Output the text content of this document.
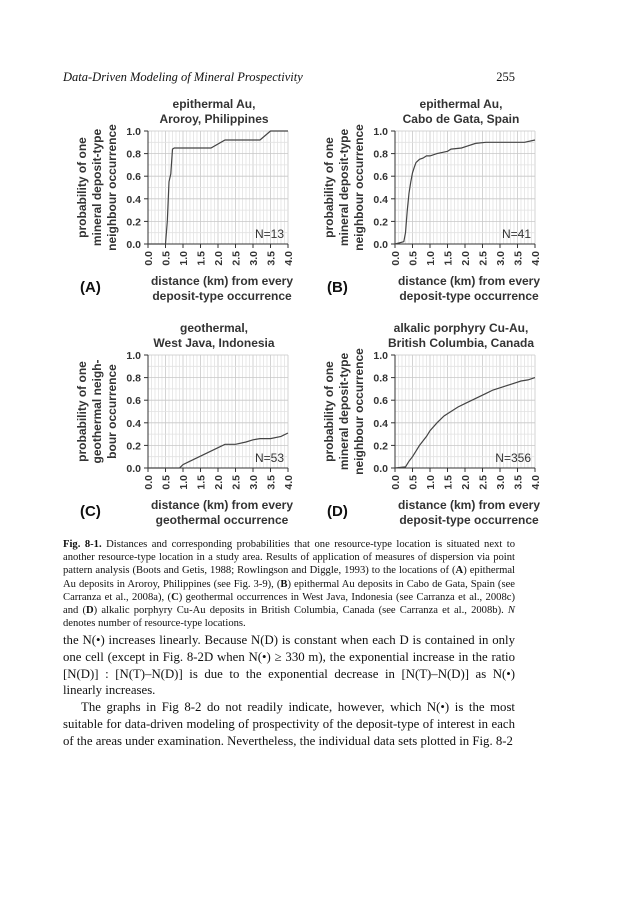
Data-Driven Modeling of Mineral Prospectivity	255
epithermal Au,
Aroroy, Philippines
0.0
0.2
0.4
0.6
0.8
1.0
0.0 0.5 1.0 1.5 2.0 2.5 3.0 3.5 4.0
probability of one mineral deposit-type neighbour occurrence
distance (km) from every
deposit-type occurrence
(A)
N=13
epithermal Au,
Cabo de Gata, Spain
0.0
0.2
0.4
0.6
0.8
1.0
0.0 0.5 1.0 1.5 2.0 2.5 3.0 3.5 4.0
probability of one mineral deposit-type neighbour occurrence
distance (km) from every
deposit-type occurrence
(B)
N=41
geothermal,
West Java, Indonesia
0.0
0.2
0.4
0.6
0.8
1.0
0.0 0.5 1.0 1.5 2.0 2.5 3.0 3.5 4.0
probability of one geothermal neigh- bour occurrence
distance (km) from every
geothermal occurrence
(C)
N=53
alkalic porphyry Cu-Au,
British Columbia, Canada
0.0
0.2
0.4
0.6
0.8
1.0
0.0 0.5 1.0 1.5 2.0 2.5 3.0 3.5 4.0
probability of one mineral deposit-type neighbour occurrence
distance (km) from every
deposit-type occurrence
(D)
N=356
Fig. 8-1. Distances and corresponding probabilities that one resource-type location is situated next to another resource-type location in a study area. Results of application of measures of dispersion via point pattern analysis (Boots and Getis, 1988; Rowlingson and Diggle, 1993) to the locations of (A) epithermal Au deposits in Aroroy, Philippines (see Fig. 3-9), (B) epithermal Au deposits in Cabo de Gata, Spain (see Carranza et al., 2008a), (C) geothermal occurrences in West Java, Indonesia (see Carranza et al., 2008c) and (D) alkalic porphyry Cu-Au deposits in British Columbia, Canada (see Carranza et al., 2008b). N denotes number of resource-type locations.

the N(•) increases linearly. Because N(D) is constant when each D is contained in only one cell (except in Fig. 8-2D when N(•) ≥ 330 m), the exponential increase in the ratio [N(D)] : [N(T)–N(D)] is due to the exponential decrease in [N(T)–N(D)] as N(•) linearly increases.

The graphs in Fig 8-2 do not readily indicate, however, which N(•) is the most suitable for data-driven modeling of prospectivity of the deposit-type of interest in each of the areas under examination. Nevertheless, the individual data sets plotted in Fig. 8-2
